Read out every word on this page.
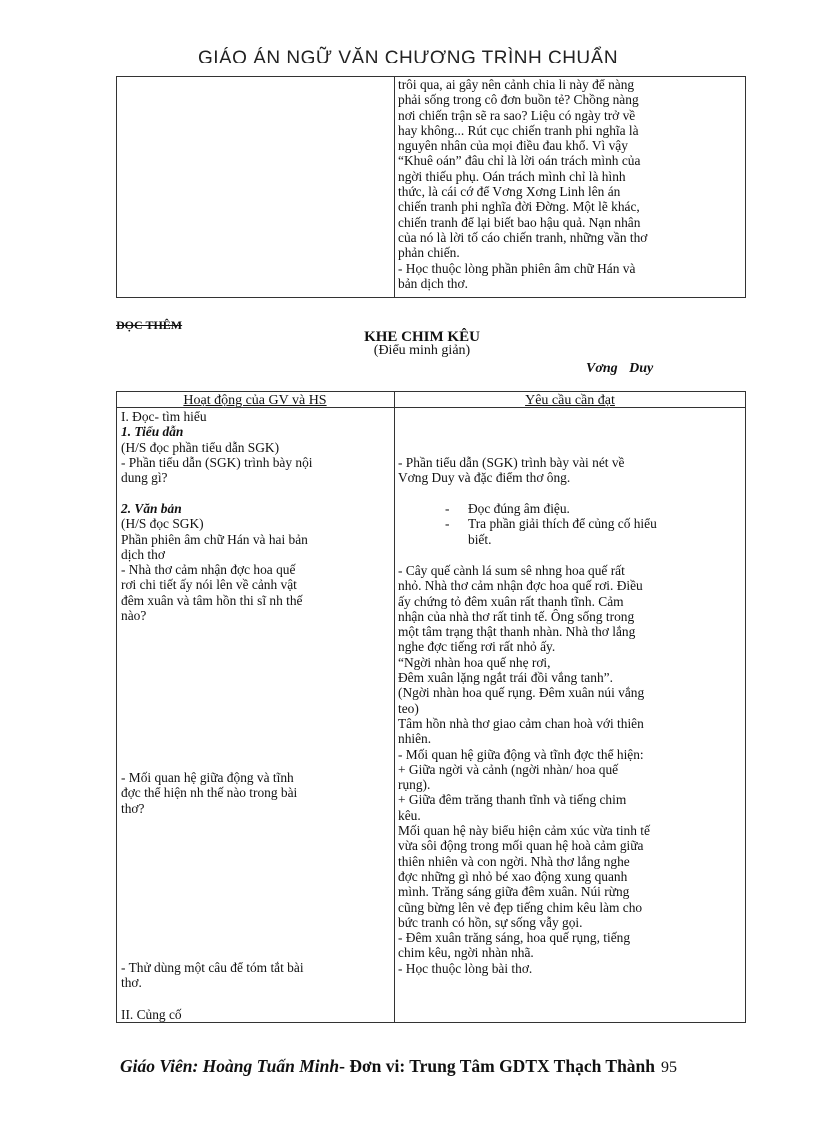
GIÁO ÁN NGỮ VĂN CHƯƠNG TRÌNH CHUẨN
trôi qua, ai gây nên cảnh chia li này để nàng
phải sống trong cô đơn buồn tẻ? Chồng nàng
nơi chiến trận sẽ ra sao? Liệu có ngày trở về
hay không... Rút cục chiến tranh phi nghĩa là
nguyên nhân của mọi điều đau khổ. Vì vậy
“Khuê oán” đâu chỉ là lời oán trách mình của
ngời thiếu phụ. Oán trách mình chỉ là hình
thức, là cái cớ để Vơng Xơng Linh lên án
chiến tranh phi nghĩa đời Đờng. Một lẽ khác,
chiến tranh để lại biết bao hậu quả. Nạn nhân
của nó là lời tố cáo chiến tranh, những vần thơ
phản chiến.
- Học thuộc lòng phần phiên âm chữ Hán và
bản dịch thơ.
ĐỌC THÊM
KHE CHIM KÊU
(Điểu minh giản)
Vơng Duy
Hoạt động của GV và HS	Yêu cầu cần đạt
I. Đọc- tìm hiểu
1. Tiểu dẫn
(H/S đọc phần tiểu dẫn SGK)
- Phần tiểu dẫn (SGK) trình bày nội
dung gì?
2. Văn bản
(H/S đọc SGK)
Phần phiên âm chữ Hán và hai bản
dịch thơ
- Nhà thơ cảm nhận đợc hoa quế
rơi chi tiết ấy nói lên về cảnh vật
đêm xuân và tâm hồn thi sĩ nh thế
nào?
- Mối quan hệ giữa động và tĩnh
đợc thể hiện nh thế nào trong bài
thơ?
- Thử dùng một câu để tóm tắt bài
thơ.
II. Củng cố
- Phần tiểu dẫn (SGK) trình bày vài nét về
Vơng Duy và đặc điểm thơ ông.
- Đọc đúng âm điệu.
- Tra phần giải thích để củng cố hiểu
biết.
- Cây quế cành lá sum sê nhng hoa quế rất
nhỏ. Nhà thơ cảm nhận đợc hoa quế rơi. Điều
ấy chứng tỏ đêm xuân rất thanh tĩnh. Cảm
nhận của nhà thơ rất tinh tế. Ông sống trong
một tâm trạng thật thanh nhàn. Nhà thơ lắng
nghe đợc tiếng rơi rất nhỏ ấy.
“Ngời nhàn hoa quế nhẹ rơi,
Đêm xuân lặng ngắt trái đồi vắng tanh”.
(Ngời nhàn hoa quế rụng. Đêm xuân núi vắng
teo)
Tâm hồn nhà thơ giao cảm chan hoà với thiên
nhiên.
- Mối quan hệ giữa động và tĩnh đợc thể hiện:
+ Giữa ngời và cảnh (ngời nhàn/ hoa quế
rụng).
+ Giữa đêm trăng thanh tĩnh và tiếng chim
kêu.
Mối quan hệ này biểu hiện cảm xúc vừa tinh tế
vừa sôi động trong mối quan hệ hoà cảm giữa
thiên nhiên và con ngời. Nhà thơ lắng nghe
đợc những gì nhỏ bé xao động xung quanh
mình. Trăng sáng giữa đêm xuân. Núi rừng
cũng bừng lên vẻ đẹp tiếng chim kêu làm cho
bức tranh có hồn, sự sống vẫy gọi.
- Đêm xuân trăng sáng, hoa quế rụng, tiếng
chim kêu, ngời nhàn nhã.
- Học thuộc lòng bài thơ.
Giáo Viên: Hoàng Tuấn Minh- Đơn vi: Trung Tâm GDTX Thạch Thành 95
